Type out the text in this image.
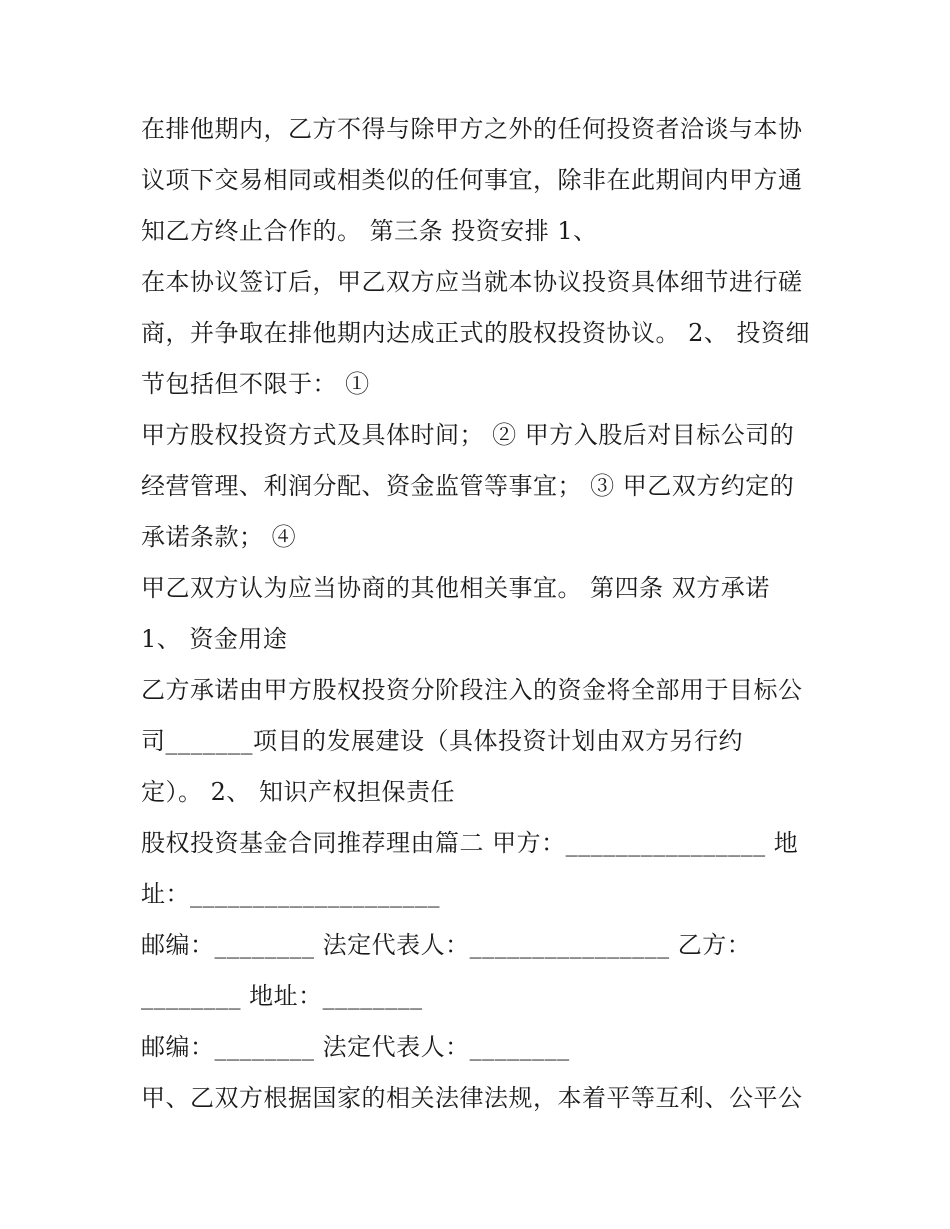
在排他期内，乙方不得与除甲方之外的任何投资者洽谈与本协
议项下交易相同或相类似的任何事宜，除非在此期间内甲方通
知乙方终止合作的。 第三条 投资安排 1、
在本协议签订后，甲乙双方应当就本协议投资具体细节进行磋
商，并争取在排他期内达成正式的股权投资协议。 2、 投资细
节包括但不限于： ①
甲方股权投资方式及具体时间； ② 甲方入股后对目标公司的
经营管理、利润分配、资金监管等事宜； ③ 甲乙双方约定的
承诺条款； ④
甲乙双方认为应当协商的其他相关事宜。 第四条 双方承诺
1、 资金用途
乙方承诺由甲方股权投资分阶段注入的资金将全部用于目标公
司_______项目的发展建设（具体投资计划由双方另行约
定）。 2、 知识产权担保责任
股权投资基金合同推荐理由篇二 甲方：________________ 地
址：____________________
邮编：________ 法定代表人：________________ 乙方：
________ 地址：________
邮编：________ 法定代表人：________
甲、乙双方根据国家的相关法律法规，本着平等互利、公平公
